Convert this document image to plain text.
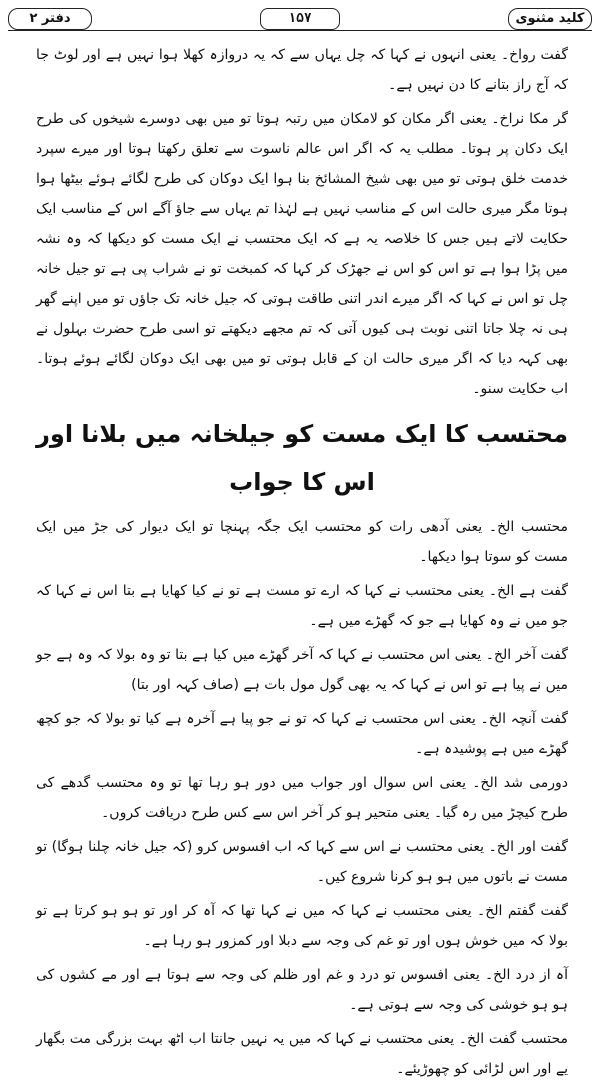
کلید مثنوی
۱۵۷
دفتر ۲

گفت رواخ۔ یعنی انہوں نے کہا کہ چل یہاں سے کہ یہ دروازہ کھلا ہوا نہیں ہے اور لوٹ جا کہ آج راز بتانے کا دن نہیں ہے۔

گر مکا نراخ۔ یعنی اگر مکان کو لامکان میں رتبہ ہوتا تو میں بھی دوسرے شیخوں کی طرح ایک دکان پر ہوتا۔ مطلب یہ کہ اگر اس عالم ناسوت سے تعلق رکھتا ہوتا اور میرے سپرد خدمت خلق ہوتی تو میں بھی شیخ المشائخ بنا ہوا ایک دوکان کی طرح لگائے ہوئے بیٹھا ہوا ہوتا مگر میری حالت اس کے مناسب نہیں ہے لہٰذا تم یہاں سے جاؤ آگے اس کے مناسب ایک حکایت لاتے ہیں جس کا خلاصہ یہ ہے کہ ایک محتسب نے ایک مست کو دیکھا کہ وہ نشہ میں پڑا ہوا ہے تو اس کو اس نے جھڑک کر کہا کہ کمبخت تو نے شراب پی ہے تو جیل خانہ چل تو اس نے کہا کہ اگر میرے اندر اتنی طاقت ہوتی کہ جیل خانہ تک جاؤں تو میں اپنے گھر ہی نہ چلا جاتا اتنی نوبت ہی کیوں آتی کہ تم مجھے دیکھتے تو اسی طرح حضرت بہلول نے بھی کہہ دیا کہ اگر میری حالت ان کے قابل ہوتی تو میں بھی ایک دوکان لگائے ہوئے ہوتا۔ اب حکایت سنو۔

محتسب کا ایک مست کو جیلخانہ میں بلانا اور اس کا جواب

محتسب الخ۔ یعنی آدھی رات کو محتسب ایک جگہ پہنچا تو ایک دیوار کی جڑ میں ایک مست کو سوتا ہوا دیکھا۔

گفت ہے الخ۔ یعنی محتسب نے کہا کہ ارے تو مست ہے تو نے کیا کھایا ہے بتا اس نے کہا کہ جو میں نے وہ کھایا ہے جو کہ گھڑے میں ہے۔

گفت آخر الخ۔ یعنی اس محتسب نے کہا کہ آخر گھڑے میں کیا ہے بتا تو وہ بولا کہ وہ ہے جو میں نے پیا ہے تو اس نے کہا کہ یہ بھی گول مول بات ہے (صاف کہہ اور بتا)

گفت آنچہ الخ۔ یعنی اس محتسب نے کہا کہ تو نے جو پیا ہے آخرہ ہے کیا تو بولا کہ جو کچھ گھڑے میں ہے پوشیدہ ہے۔

دورمی شد الخ۔ یعنی اس سوال اور جواب میں دور ہو رہا تھا تو وہ محتسب گدھے کی طرح کیچڑ میں رہ گیا۔ یعنی متحیر ہو کر آخر اس سے کس طرح دریافت کروں۔

گفت اور الخ۔ یعنی محتسب نے اس سے کہا کہ اب افسوس کرو (کہ جیل خانہ چلنا ہوگا) تو مست نے باتوں میں ہو ہو کرنا شروع کیں۔

گفت گفتم الخ۔ یعنی محتسب نے کہا کہ میں نے کہا تھا کہ آہ کر اور تو ہو ہو کرتا ہے تو بولا کہ میں خوش ہوں اور تو غم کی وجہ سے دبلا اور کمزور ہو رہا ہے۔

آہ از درد الخ۔ یعنی افسوس تو درد و غم اور ظلم کی وجہ سے ہوتا ہے اور مے کشوں کی ہو ہو خوشی کی وجہ سے ہوتی ہے۔

محتسب گفت الخ۔ یعنی محتسب نے کہا کہ میں یہ نہیں جانتا اب اٹھ بہت بزرگی مت بگھار یے اور اس لڑائی کو چھوڑیئے۔
